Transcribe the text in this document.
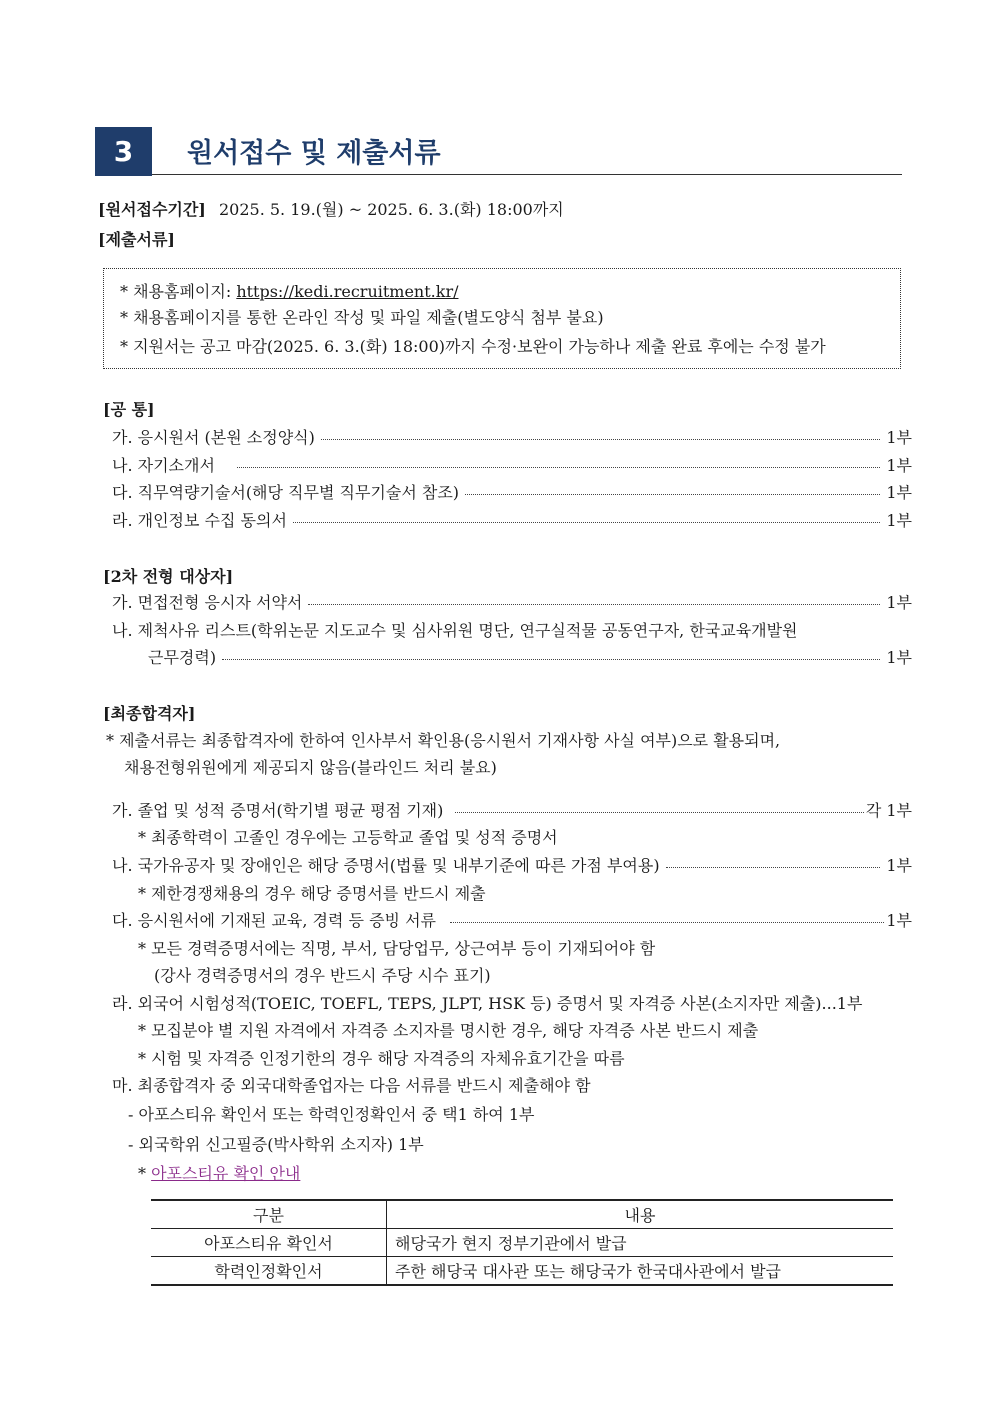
3	원서접수 및 제출서류
[원서접수기간] 2025. 5. 19.(월) ~ 2025. 6. 3.(화) 18:00까지
[제출서류]
* 채용홈페이지: https://kedi.recruitment.kr/
* 채용홈페이지를 통한 온라인 작성 및 파일 제출(별도양식 첨부 불요)
* 지원서는 공고 마감(2025. 6. 3.(화) 18:00)까지 수정·보완이 가능하나 제출 완료 후에는 수정 불가
[공 통]
가. 응시원서 (본원 소정양식)	1부
나. 자기소개서	1부
다. 직무역량기술서(해당 직무별 직무기술서 참조)	1부
라. 개인정보 수집 동의서	1부
[2차 전형 대상자]
가. 면접전형 응시자 서약서	1부
나. 제척사유 리스트(학위논문 지도교수 및 심사위원 명단, 연구실적물 공동연구자, 한국교육개발원
근무경력)	1부
[최종합격자]
* 제출서류는 최종합격자에 한하여 인사부서 확인용(응시원서 기재사항 사실 여부)으로 활용되며,
채용전형위원에게 제공되지 않음(블라인드 처리 불요)
가. 졸업 및 성적 증명서(학기별 평균 평점 기재)	각 1부
* 최종학력이 고졸인 경우에는 고등학교 졸업 및 성적 증명서
나. 국가유공자 및 장애인은 해당 증명서(법률 및 내부기준에 따른 가점 부여용)	1부
* 제한경쟁채용의 경우 해당 증명서를 반드시 제출
다. 응시원서에 기재된 교육, 경력 등 증빙 서류	1부
* 모든 경력증명서에는 직명, 부서, 담당업무, 상근여부 등이 기재되어야 함
(강사 경력증명서의 경우 반드시 주당 시수 표기)
라. 외국어 시험성적(TOEIC, TOEFL, TEPS, JLPT, HSK 등) 증명서 및 자격증 사본(소지자만 제출)...1부
* 모집분야 별 지원 자격에서 자격증 소지자를 명시한 경우, 해당 자격증 사본 반드시 제출
* 시험 및 자격증 인정기한의 경우 해당 자격증의 자체유효기간을 따름
마. 최종합격자 중 외국대학졸업자는 다음 서류를 반드시 제출해야 함
- 아포스티유 확인서 또는 학력인정확인서 중 택1 하여 1부
- 외국학위 신고필증(박사학위 소지자) 1부
* 아포스티유 확인 안내
구분	내용
아포스티유 확인서	해당국가 현지 정부기관에서 발급
학력인정확인서	주한 해당국 대사관 또는 해당국가 한국대사관에서 발급
